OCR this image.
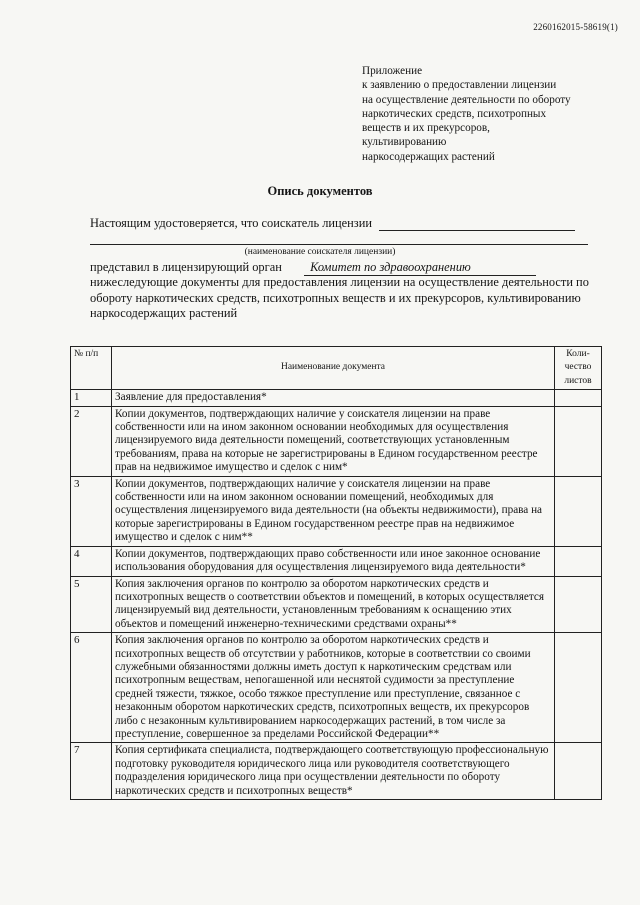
2260162015-58619(1)
Приложение
к заявлению о предоставлении лицензии
на осуществление деятельности по обороту
наркотических средств, психотропных
веществ и их прекурсоров,
культивированию
наркосодержащих растений
Опись документов
Настоящим удостоверяется, что соискатель лицензии
(наименование соискателя лицензии)
представил в лицензирующий орган Комитет по здравоохранению
нижеследующие документы для предоставления лицензии на осуществление деятельности по обороту наркотических средств, психотропных веществ и их прекурсоров, культивированию наркосодержащих растений
№ п/п	Наименование документа	Коли-чество листов
1	Заявление для предоставления*	
2	Копии документов, подтверждающих наличие у соискателя лицензии на праве собственности или на ином законном основании необходимых для осуществления лицензируемого вида деятельности помещений, соответствующих установленным требованиям, права на которые не зарегистрированы в Едином государственном реестре прав на недвижимое имущество и сделок с ним*	
3	Копии документов, подтверждающих наличие у соискателя лицензии на праве собственности или на ином законном основании помещений, необходимых для осуществления лицензируемого вида деятельности (на объекты недвижимости), права на которые зарегистрированы в Едином государственном реестре прав на недвижимое имущество и сделок с ним**	
4	Копии документов, подтверждающих право собственности или иное законное основание использования оборудования для осуществления лицензируемого вида деятельности*	
5	Копия заключения органов по контролю за оборотом наркотических средств и психотропных веществ о соответствии объектов и помещений, в которых осуществляется лицензируемый вид деятельности, установленным требованиям к оснащению этих объектов и помещений инженерно-техническими средствами охраны**	
6	Копия заключения органов по контролю за оборотом наркотических средств и психотропных веществ об отсутствии у работников, которые в соответствии со своими служебными обязанностями должны иметь доступ к наркотическим средствам или психотропным веществам, непогашенной или неснятой судимости за преступление средней тяжести, тяжкое, особо тяжкое преступление или преступление, связанное с незаконным оборотом наркотических средств, психотропных веществ, их прекурсоров либо с незаконным культивированием наркосодержащих растений, в том числе за преступление, совершенное за пределами Российской Федерации**	
7	Копия сертификата специалиста, подтверждающего соответствующую профессиональную подготовку руководителя юридического лица или руководителя соответствующего подразделения юридического лица при осуществлении деятельности по обороту наркотических средств и психотропных веществ*	
